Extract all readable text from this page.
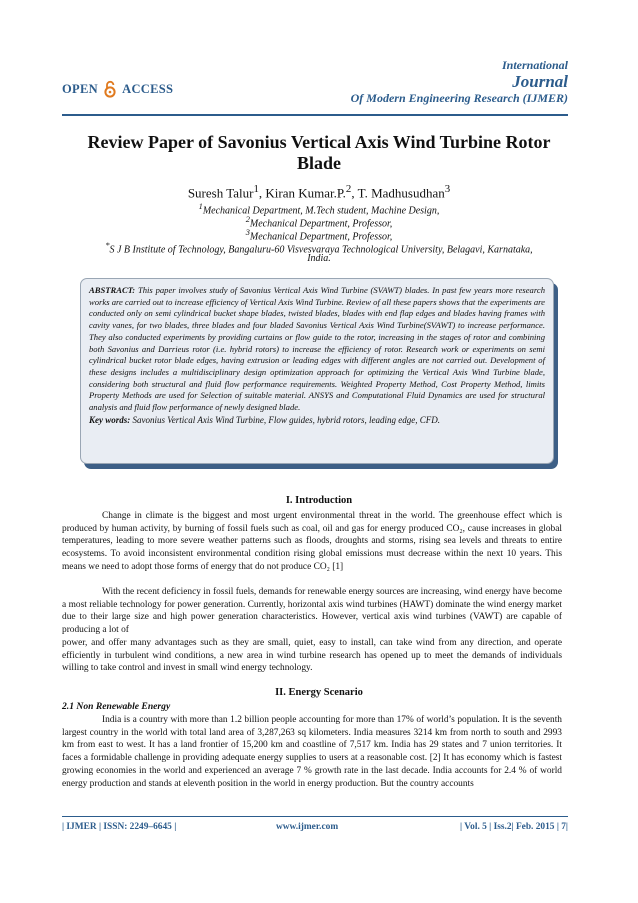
OPEN ACCESS
International
Journal
Of Modern Engineering Research (IJMER)
Review Paper of Savonius Vertical Axis Wind Turbine Rotor
Blade
Suresh Talur$^1$, Kiran Kumar.P.$^2$, T. Madhusudhan$^3$
$^1$Mechanical Department, M.Tech student, Machine Design,
$^2$Mechanical Department, Professor,
$^3$Mechanical Department, Professor,
*S J B Institute of Technology, Bangaluru-60 Visvesvaraya Technological University, Belagavi, Karnataka,
India.
ABSTRACT: This paper involves study of Savonius Vertical Axis Wind Turbine (SVAWT) blades. In past few years more research works are carried out to increase efficiency of Vertical Axis Wind Turbine. Review of all these papers shows that the experiments are conducted only on semi cylindrical bucket shape blades, twisted blades, blades with end flap edges and blades having frames with cavity vanes, for two blades, three blades and four bladed Savonius Vertical Axis Wind Turbine(SVAWT) to increase performance. They also conducted experiments by providing curtains or flow guide to the rotor, increasing in the stages of rotor and combining both Savonius and Darrieus rotor (i.e. hybrid rotors) to increase the efficiency of rotor. Research work or experiments on semi cylindrical bucket rotor blade edges, having extrusion or leading edges with different angles are not carried out. Development of these designs includes a multidisciplinary design optimization approach for optimizing the Vertical Axis Wind Turbine blade, considering both structural and fluid flow performance requirements. Weighted Property Method, Cost Property Method, limits Property Methods are used for Selection of suitable material. ANSYS and Computational Fluid Dynamics are used for structural analysis and fluid flow performance of newly designed blade.
Key words: Savonius Vertical Axis Wind Turbine, Flow guides, hybrid rotors, leading edge, CFD.
I. Introduction
Change in climate is the biggest and most urgent environmental threat in the world. The greenhouse effect which is produced by human activity, by burning of fossil fuels such as coal, oil and gas for energy produced CO₂, cause increases in global temperatures, leading to more severe weather patterns such as floods, droughts and storms, rising sea levels and threats to entire ecosystems. To avoid inconsistent environmental condition rising global emissions must decrease within the next 10 years. This means we need to adopt those forms of energy that do not produce CO₂ [1]
With the recent deficiency in fossil fuels, demands for renewable energy sources are increasing, wind energy have become a most reliable technology for power generation. Currently, horizontal axis wind turbines (HAWT) dominate the wind energy market due to their large size and high power generation characteristics. However, vertical axis wind turbines (VAWT) are capable of producing a lot of
power, and offer many advantages such as they are small, quiet, easy to install, can take wind from any direction, and operate efficiently in turbulent wind conditions, a new area in wind turbine research has opened up to meet the demands of individuals willing to take control and invest in small wind energy technology.
II. Energy Scenario
2.1 Non Renewable Energy
India is a country with more than 1.2 billion people accounting for more than 17% of world’s population. It is the seventh largest country in the world with total land area of 3,287,263 sq kilometers. India measures 3214 km from north to south and 2993 km from east to west. It has a land frontier of 15,200 km and coastline of 7,517 km. India has 29 states and 7 union territories. It faces a formidable challenge in providing adequate energy supplies to users at a reasonable cost. [2] It has economy which is fastest growing economies in the world and experienced an average 7 % growth rate in the last decade. India accounts for 2.4 % of world energy production and stands at eleventh position in the world in energy production. But the country accounts
| IJMER | ISSN: 2249–6645 |	www.ijmer.com	| Vol. 5 | Iss.2| Feb. 2015 | 7|
